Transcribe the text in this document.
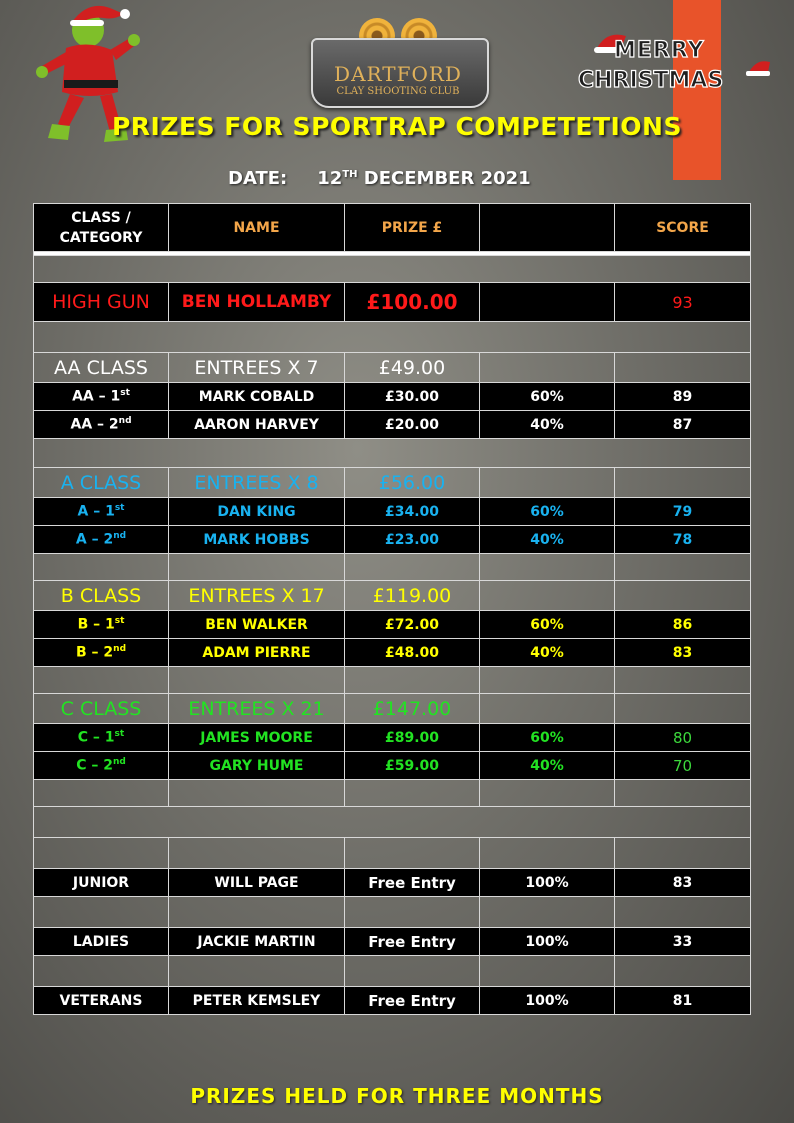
DARTFORD
CLAY SHOOTING CLUB
MERRY
CHRISTMAS
PRIZES FOR SPORTRAP COMPETETIONS
DATE: 12TH DECEMBER 2021
CLASS /
CATEGORY	NAME	PRIZE £		SCORE

HIGH GUN	BEN HOLLAMBY	£100.00		93

AA CLASS	ENTREES X 7	£49.00		
AA – 1st	MARK COBALD	£30.00	60%	89
AA – 2nd	AARON HARVEY	£20.00	40%	87

A CLASS	ENTREES X 8	£56.00		
A – 1st	DAN KING	£34.00	60%	79
A – 2nd	MARK HOBBS	£23.00	40%	78

B CLASS	ENTREES X 17	£119.00		
B – 1st	BEN WALKER	£72.00	60%	86
B – 2nd	ADAM PIERRE	£48.00	40%	83

C CLASS	ENTREES X 21	£147.00		
C – 1st	JAMES MOORE	£89.00	60%	80
C – 2nd	GARY HUME	£59.00	40%	70

JUNIOR	WILL PAGE	Free Entry	100%	83

LADIES	JACKIE MARTIN	Free Entry	100%	33

VETERANS	PETER KEMSLEY	Free Entry	100%	81
PRIZES HELD FOR THREE MONTHS
